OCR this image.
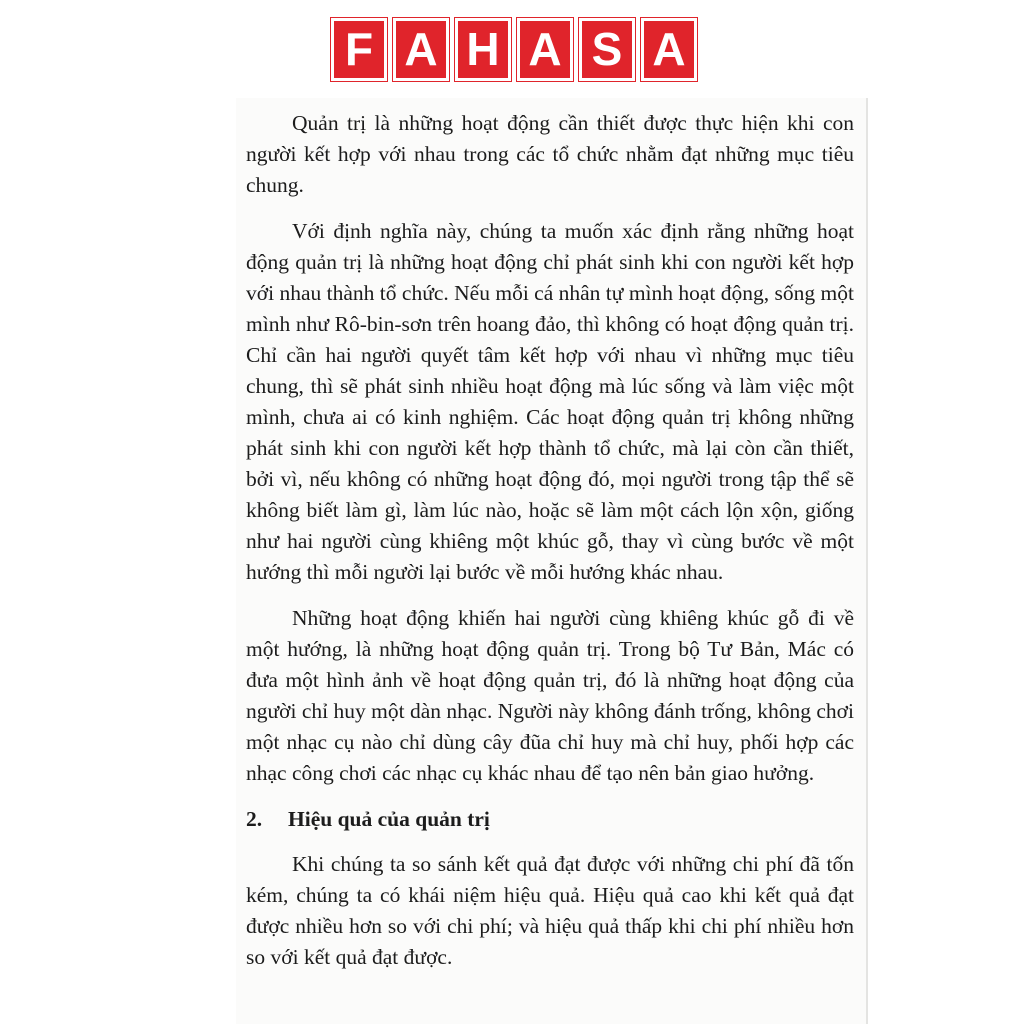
F A H A S A

Quản trị là những hoạt động cần thiết được thực hiện khi con người kết hợp với nhau trong các tổ chức nhằm đạt những mục tiêu chung.

Với định nghĩa này, chúng ta muốn xác định rằng những hoạt động quản trị là những hoạt động chỉ phát sinh khi con người kết hợp với nhau thành tổ chức. Nếu mỗi cá nhân tự mình hoạt động, sống một mình như Rô-bin-sơn trên hoang đảo, thì không có hoạt động quản trị. Chỉ cần hai người quyết tâm kết hợp với nhau vì những mục tiêu chung, thì sẽ phát sinh nhiều hoạt động mà lúc sống và làm việc một mình, chưa ai có kinh nghiệm. Các hoạt động quản trị không những phát sinh khi con người kết hợp thành tổ chức, mà lại còn cần thiết, bởi vì, nếu không có những hoạt động đó, mọi người trong tập thể sẽ không biết làm gì, làm lúc nào, hoặc sẽ làm một cách lộn xộn, giống như hai người cùng khiêng một khúc gỗ, thay vì cùng bước về một hướng thì mỗi người lại bước về mỗi hướng khác nhau.

Những hoạt động khiến hai người cùng khiêng khúc gỗ đi về một hướng, là những hoạt động quản trị. Trong bộ Tư Bản, Mác có đưa một hình ảnh về hoạt động quản trị, đó là những hoạt động của người chỉ huy một dàn nhạc. Người này không đánh trống, không chơi một nhạc cụ nào chỉ dùng cây đũa chỉ huy mà chỉ huy, phối hợp các nhạc công chơi các nhạc cụ khác nhau để tạo nên bản giao hưởng.

2.	Hiệu quả của quản trị

Khi chúng ta so sánh kết quả đạt được với những chi phí đã tốn kém, chúng ta có khái niệm hiệu quả. Hiệu quả cao khi kết quả đạt được nhiều hơn so với chi phí; và hiệu quả thấp khi chi phí nhiều hơn so với kết quả đạt được.
